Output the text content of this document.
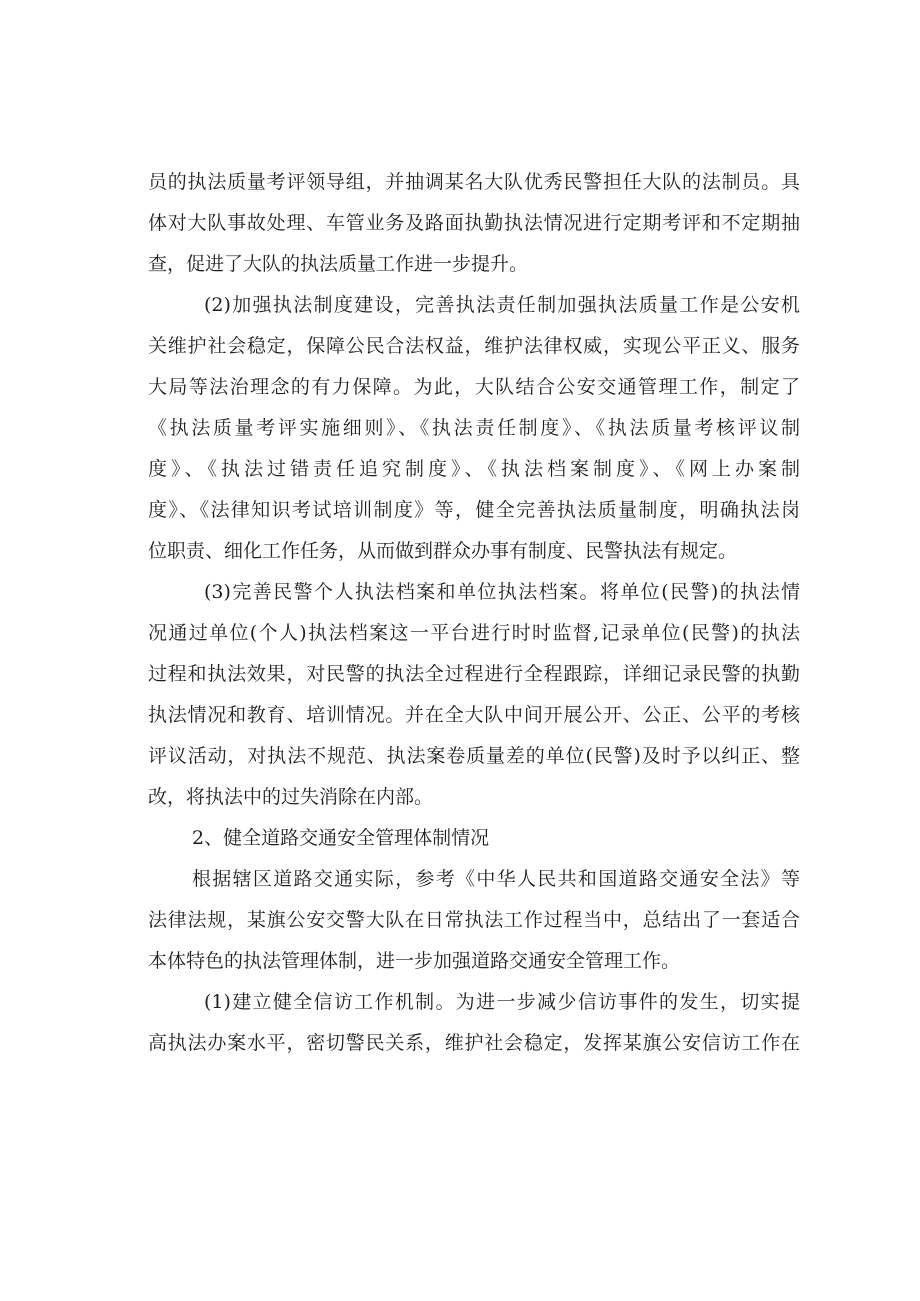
员的执法质量考评领导组，并抽调某名大队优秀民警担任大队的法制员。具
体对大队事故处理、车管业务及路面执勤执法情况进行定期考评和不定期抽
查，促进了大队的执法质量工作进一步提升。
(2)加强执法制度建设，完善执法责任制加强执法质量工作是公安机
关维护社会稳定，保障公民合法权益，维护法律权威，实现公平正义、服务
大局等法治理念的有力保障。为此，大队结合公安交通管理工作，制定了
《执法质量考评实施细则》、《执法责任制度》、《执法质量考核评议制
度》、《执法过错责任追究制度》、《执法档案制度》、《网上办案制
度》、《法律知识考试培训制度》等，健全完善执法质量制度，明确执法岗
位职责、细化工作任务，从而做到群众办事有制度、民警执法有规定。
(3)完善民警个人执法档案和单位执法档案。将单位(民警)的执法情
况通过单位(个人)执法档案这一平台进行时时监督,记录单位(民警)的执法
过程和执法效果，对民警的执法全过程进行全程跟踪，详细记录民警的执勤
执法情况和教育、培训情况。并在全大队中间开展公开、公正、公平的考核
评议活动，对执法不规范、执法案卷质量差的单位(民警)及时予以纠正、整
改，将执法中的过失消除在内部。
2、健全道路交通安全管理体制情况
根据辖区道路交通实际，参考《中华人民共和国道路交通安全法》等
法律法规，某旗公安交警大队在日常执法工作过程当中，总结出了一套适合
本体特色的执法管理体制，进一步加强道路交通安全管理工作。
(1)建立健全信访工作机制。为进一步减少信访事件的发生，切实提
高执法办案水平，密切警民关系，维护社会稳定，发挥某旗公安信访工作在
